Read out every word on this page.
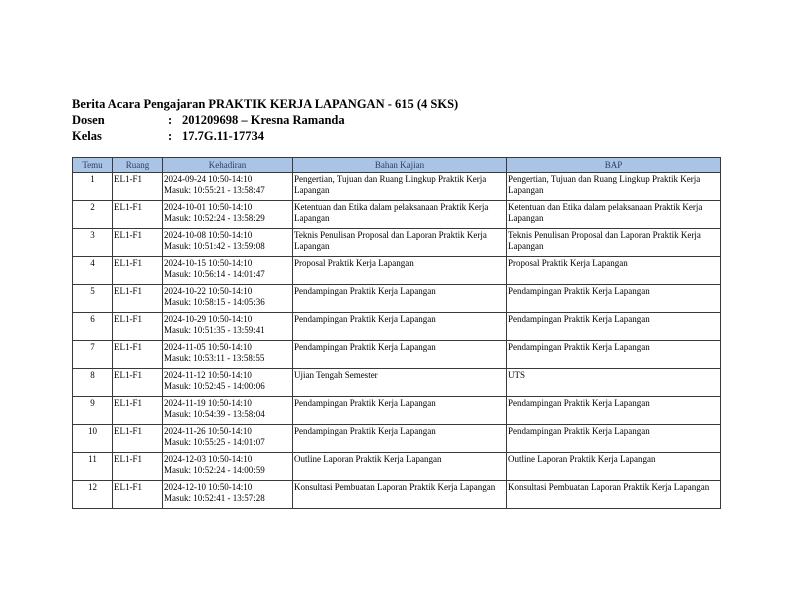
Berita Acara Pengajaran PRAKTIK KERJA LAPANGAN - 615 (4 SKS)
Dosen	: 201209698 – Kresna Ramanda
Kelas	: 17.7G.11-17734
Temu	Ruang	Kehadiran	Bahan Kajian	BAP
1	EL1-F1	2024-09-24 10:50-14:10
Masuk: 10:55:21 - 13:58:47	Pengertian, Tujuan dan Ruang Lingkup Praktik Kerja Lapangan	Pengertian, Tujuan dan Ruang Lingkup Praktik Kerja Lapangan
2	EL1-F1	2024-10-01 10:50-14:10
Masuk: 10:52:24 - 13:58:29	Ketentuan dan Etika dalam pelaksanaan Praktik Kerja Lapangan	Ketentuan dan Etika dalam pelaksanaan Praktik Kerja Lapangan
3	EL1-F1	2024-10-08 10:50-14:10
Masuk: 10:51:42 - 13:59:08	Teknis Penulisan Proposal dan Laporan Praktik Kerja Lapangan	Teknis Penulisan Proposal dan Laporan Praktik Kerja Lapangan
4	EL1-F1	2024-10-15 10:50-14:10
Masuk: 10:56:14 - 14:01:47	Proposal Praktik Kerja Lapangan	Proposal Praktik Kerja Lapangan
5	EL1-F1	2024-10-22 10:50-14:10
Masuk: 10:58:15 - 14:05:36	Pendampingan Praktik Kerja Lapangan	Pendampingan Praktik Kerja Lapangan
6	EL1-F1	2024-10-29 10:50-14:10
Masuk: 10:51:35 - 13:59:41	Pendampingan Praktik Kerja Lapangan	Pendampingan Praktik Kerja Lapangan
7	EL1-F1	2024-11-05 10:50-14:10
Masuk: 10:53:11 - 13:58:55	Pendampingan Praktik Kerja Lapangan	Pendampingan Praktik Kerja Lapangan
8	EL1-F1	2024-11-12 10:50-14:10
Masuk: 10:52:45 - 14:00:06	Ujian Tengah Semester	UTS
9	EL1-F1	2024-11-19 10:50-14:10
Masuk: 10:54:39 - 13:58:04	Pendampingan Praktik Kerja Lapangan	Pendampingan Praktik Kerja Lapangan
10	EL1-F1	2024-11-26 10:50-14:10
Masuk: 10:55:25 - 14:01:07	Pendampingan Praktik Kerja Lapangan	Pendampingan Praktik Kerja Lapangan
11	EL1-F1	2024-12-03 10:50-14:10
Masuk: 10:52:24 - 14:00:59	Outline Laporan Praktik Kerja Lapangan	Outline Laporan Praktik Kerja Lapangan
12	EL1-F1	2024-12-10 10:50-14:10
Masuk: 10:52:41 - 13:57:28	Konsultasi Pembuatan Laporan Praktik Kerja Lapangan	Konsultasi Pembuatan Laporan Praktik Kerja Lapangan
